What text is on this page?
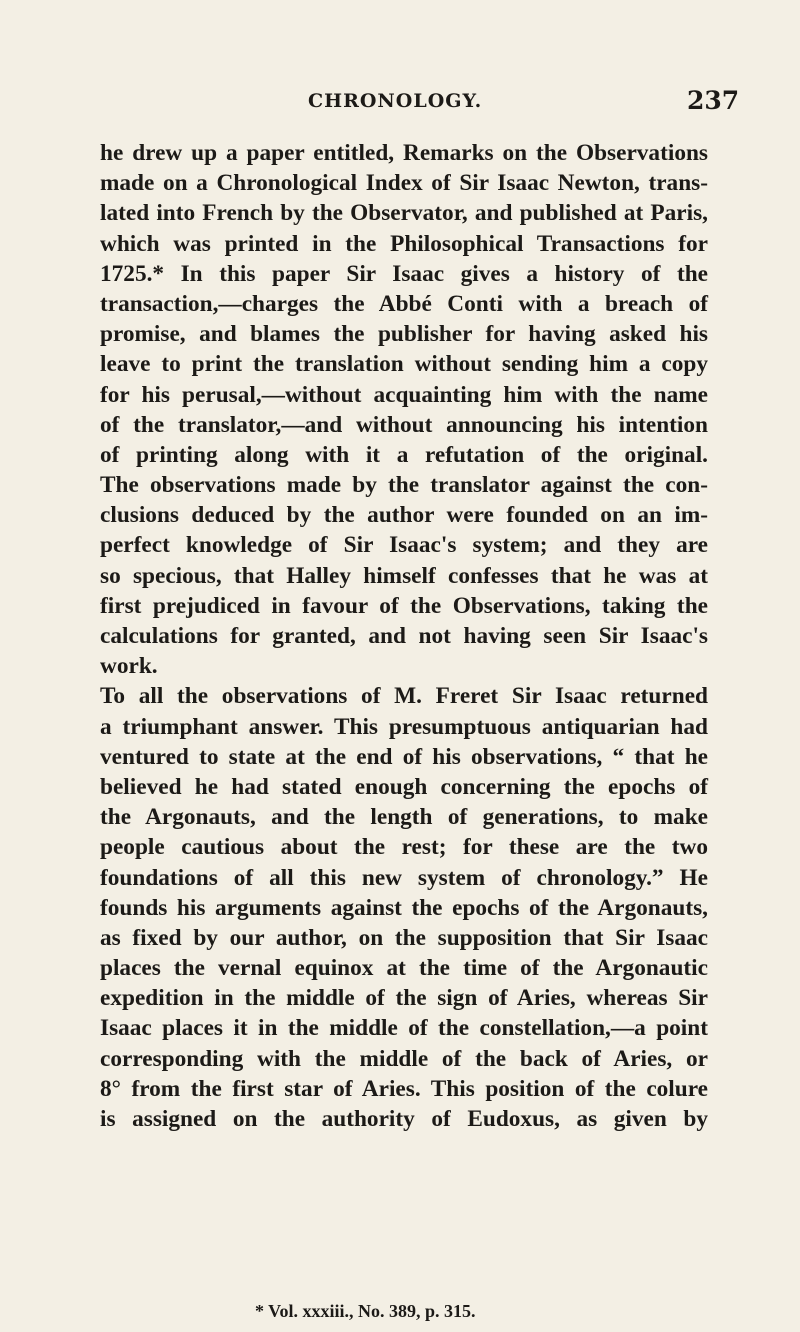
CHRONOLOGY.	237
he drew up a paper entitled, Remarks on the Observations
made on a Chronological Index of Sir Isaac Newton, trans-
lated into French by the Observator, and published at Paris,
which was printed in the Philosophical Transactions for
1725.* In this paper Sir Isaac gives a history of the
transaction,—charges the Abbé Conti with a breach of
promise, and blames the publisher for having asked his
leave to print the translation without sending him a copy
for his perusal,—without acquainting him with the name
of the translator,—and without announcing his intention
of printing along with it a refutation of the original.
The observations made by the translator against the con-
clusions deduced by the author were founded on an im-
perfect knowledge of Sir Isaac's system; and they are
so specious, that Halley himself confesses that he was at
first prejudiced in favour of the Observations, taking the
calculations for granted, and not having seen Sir Isaac's
work.
To all the observations of M. Freret Sir Isaac returned
a triumphant answer. This presumptuous antiquarian had
ventured to state at the end of his observations, “ that he
believed he had stated enough concerning the epochs of
the Argonauts, and the length of generations, to make
people cautious about the rest; for these are the two
foundations of all this new system of chronology.” He
founds his arguments against the epochs of the Argonauts,
as fixed by our author, on the supposition that Sir Isaac
places the vernal equinox at the time of the Argonautic
expedition in the middle of the sign of Aries, whereas Sir
Isaac places it in the middle of the constellation,—a point
corresponding with the middle of the back of Aries, or
8° from the first star of Aries. This position of the colure
is assigned on the authority of Eudoxus, as given by
* Vol. xxxiii., No. 389, p. 315.
